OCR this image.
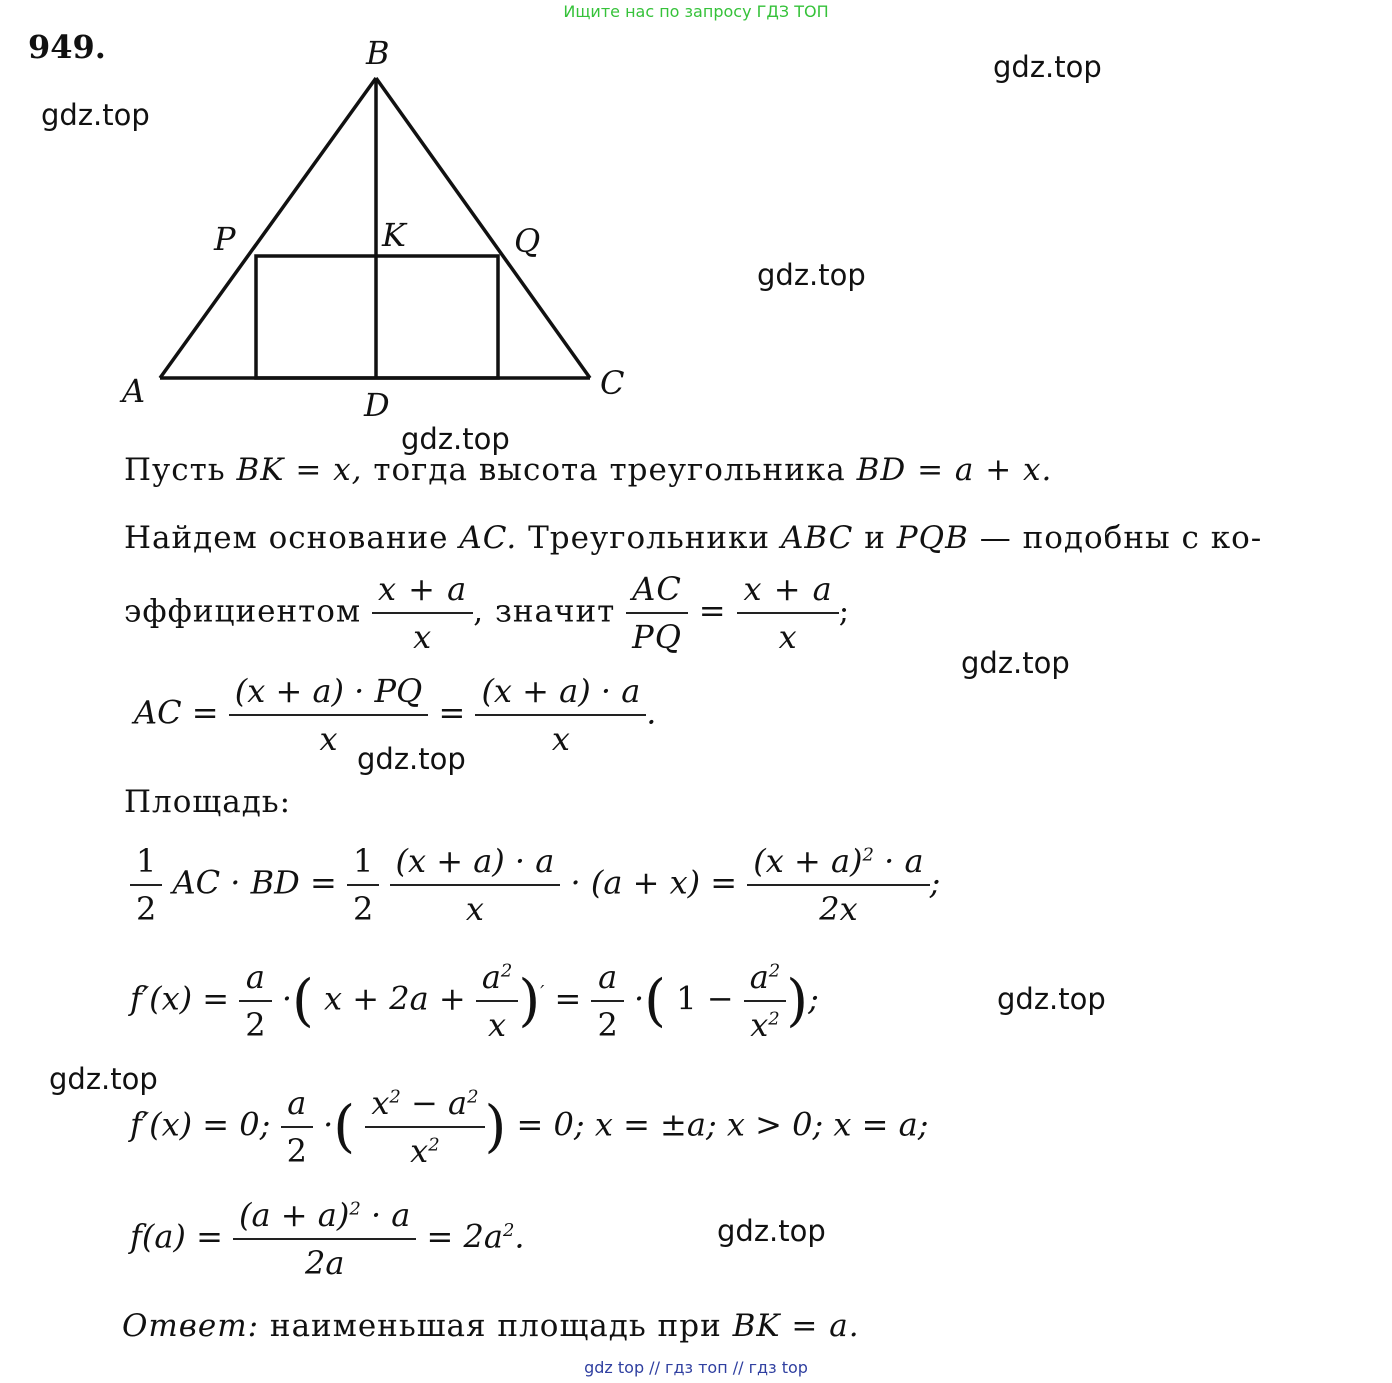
Ищите нас по запросу ГДЗ ТОП
949.
gdz.top
gdz.top
gdz.top
gdz.top
gdz.top
gdz.top
gdz.top
gdz.top
gdz.top
B
P	K	Q
A	D
C
Пусть BK = x, тогда высота треугольника BD = a + x.
Найдем основание AC. Треугольники ABC и PQB — подобны с ко-
эффициентом $\frac{x + a}{x}$ , значит $\frac{AC}{PQ} = \frac{x + a}{x}$ ;
AC = $\frac{(x + a) \cdot PQ}{x} = \frac{(x + a) \cdot a}{x}$ .
Площадь:
$\frac{1}{2}$ AC · BD = $\frac{1}{2}$
$\frac{(x + a) \cdot a}{x} \cdot (a + x) = \frac{(x + a)^2 \cdot a}{2x}$ ;
$f'(x) = \frac{a}{2}$ ·( $x + 2a + \frac{a^2}{x} )' = \frac{a}{2}$ ·( $1 - \frac{a^2}{x^2}$ );
f′(x) = 0; $\frac{a}{2}$ ·( $\frac{x^2 - a^2}{x^2}$ ) = 0; x = ±a; x > 0; x = a;
$f(a) = \frac{(a + a)^2 \cdot a}{2a} = 2a^2$.
Ответ: наименьшая площадь при BK = a.
gdz top // гдз топ // гдз top
